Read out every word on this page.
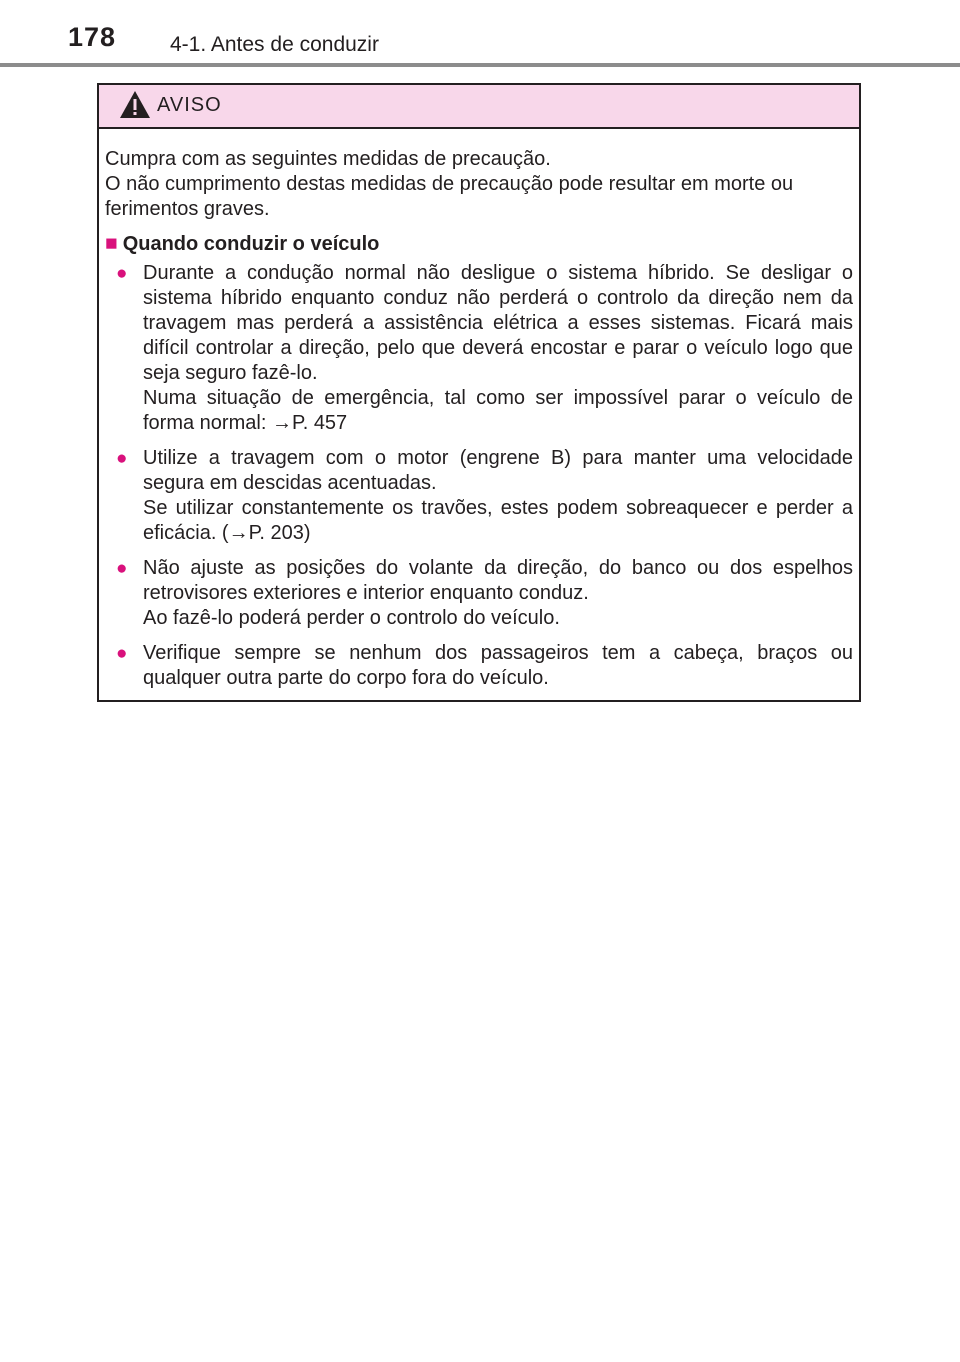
178	4-1. Antes de conduzir
AVISO

Cumpra com as seguintes medidas de precaução.
O não cumprimento destas medidas de precaução pode resultar em morte ou ferimentos graves.

■ Quando conduzir o veículo
● Durante a condução normal não desligue o sistema híbrido. Se desligar o sistema híbrido enquanto conduz não perderá o controlo da direção nem da travagem mas perderá a assistência elétrica a esses sistemas. Ficará mais difícil controlar a direção, pelo que deverá encostar e parar o veículo logo que seja seguro fazê-lo.

Numa situação de emergência, tal como ser impossível parar o veículo de forma normal: →P. 457

● Utilize a travagem com o motor (engrene B) para manter uma velocidade segura em descidas acentuadas.

Se utilizar constantemente os travões, estes podem sobreaquecer e perder a eficácia. (→P. 203)

● Não ajuste as posições do volante da direção, do banco ou dos espelhos retrovisores exteriores e interior enquanto conduz.

Ao fazê-lo poderá perder o controlo do veículo.

● Verifique sempre se nenhum dos passageiros tem a cabeça, braços ou qualquer outra parte do corpo fora do veículo.
